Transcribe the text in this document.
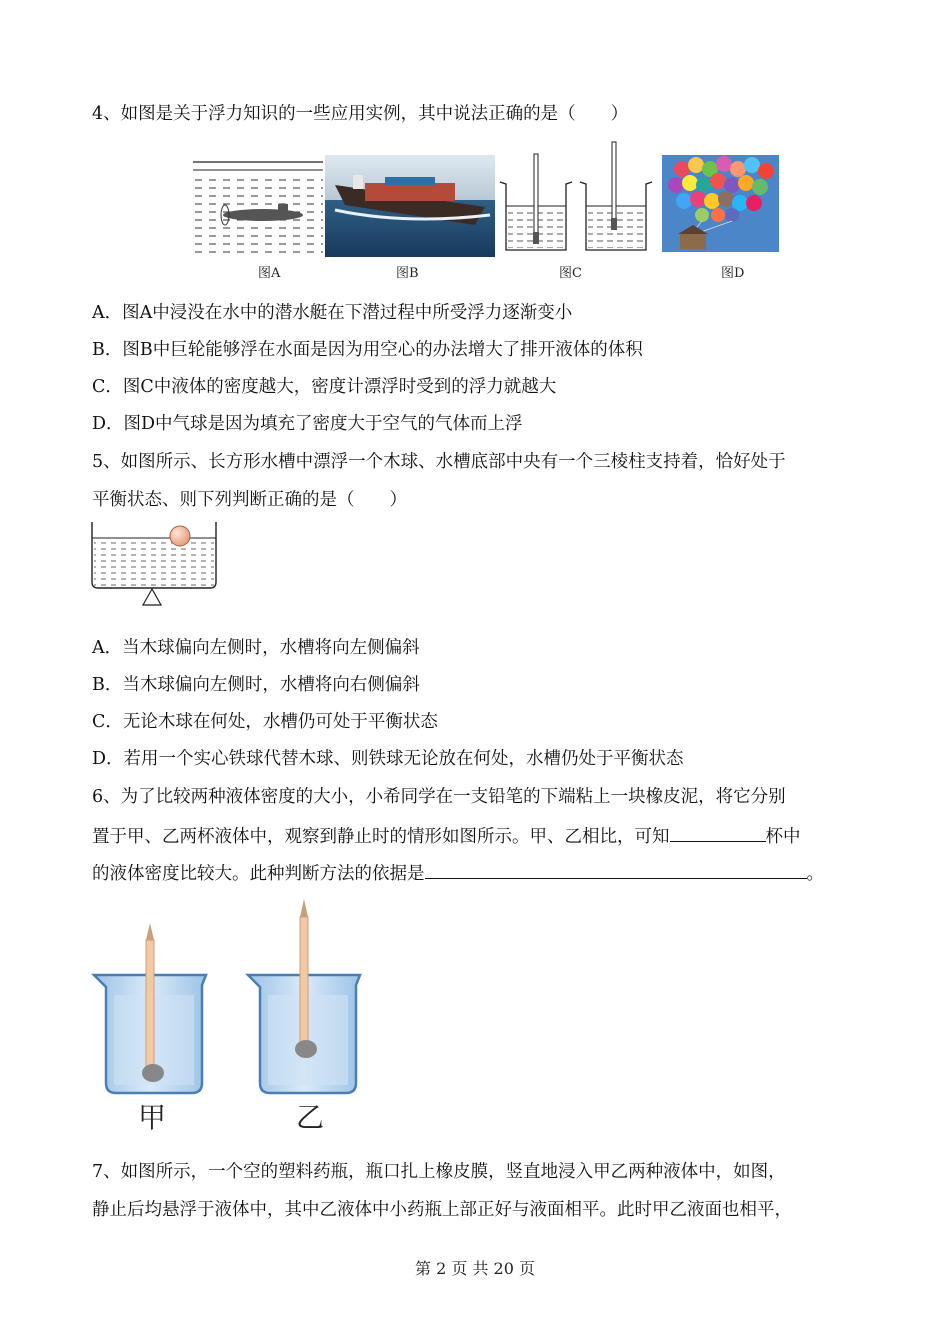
4、如图是关于浮力知识的一些应用实例，其中说法正确的是（　　）
图A	图B	图C	图D
A．图A中浸没在水中的潜水艇在下潜过程中所受浮力逐渐变小
B．图B中巨轮能够浮在水面是因为用空心的办法增大了排开液体的体积
C．图C中液体的密度越大，密度计漂浮时受到的浮力就越大
D．图D中气球是因为填充了密度大于空气的气体而上浮
5、如图所示、长方形水槽中漂浮一个木球、水槽底部中央有一个三棱柱支持着，恰好处于
平衡状态、则下列判断正确的是（　　）
A．当木球偏向左侧时，水槽将向左侧偏斜
B．当木球偏向左侧时，水槽将向右侧偏斜
C．无论木球在何处，水槽仍可处于平衡状态
D．若用一个实心铁球代替木球、则铁球无论放在何处，水槽仍处于平衡状态
6、为了比较两种液体密度的大小，小希同学在一支铅笔的下端粘上一块橡皮泥，将它分别
置于甲、乙两杯液体中，观察到静止时的情形如图所示。甲、乙相比，可知	杯中
的液体密度比较大。此种判断方法的依据是	。
甲	乙
7、如图所示，一个空的塑料药瓶，瓶口扎上橡皮膜，竖直地浸入甲乙两种液体中，如图，
静止后均悬浮于液体中，其中乙液体中小药瓶上部正好与液面相平。此时甲乙液面也相平，
第 2 页 共 20 页
